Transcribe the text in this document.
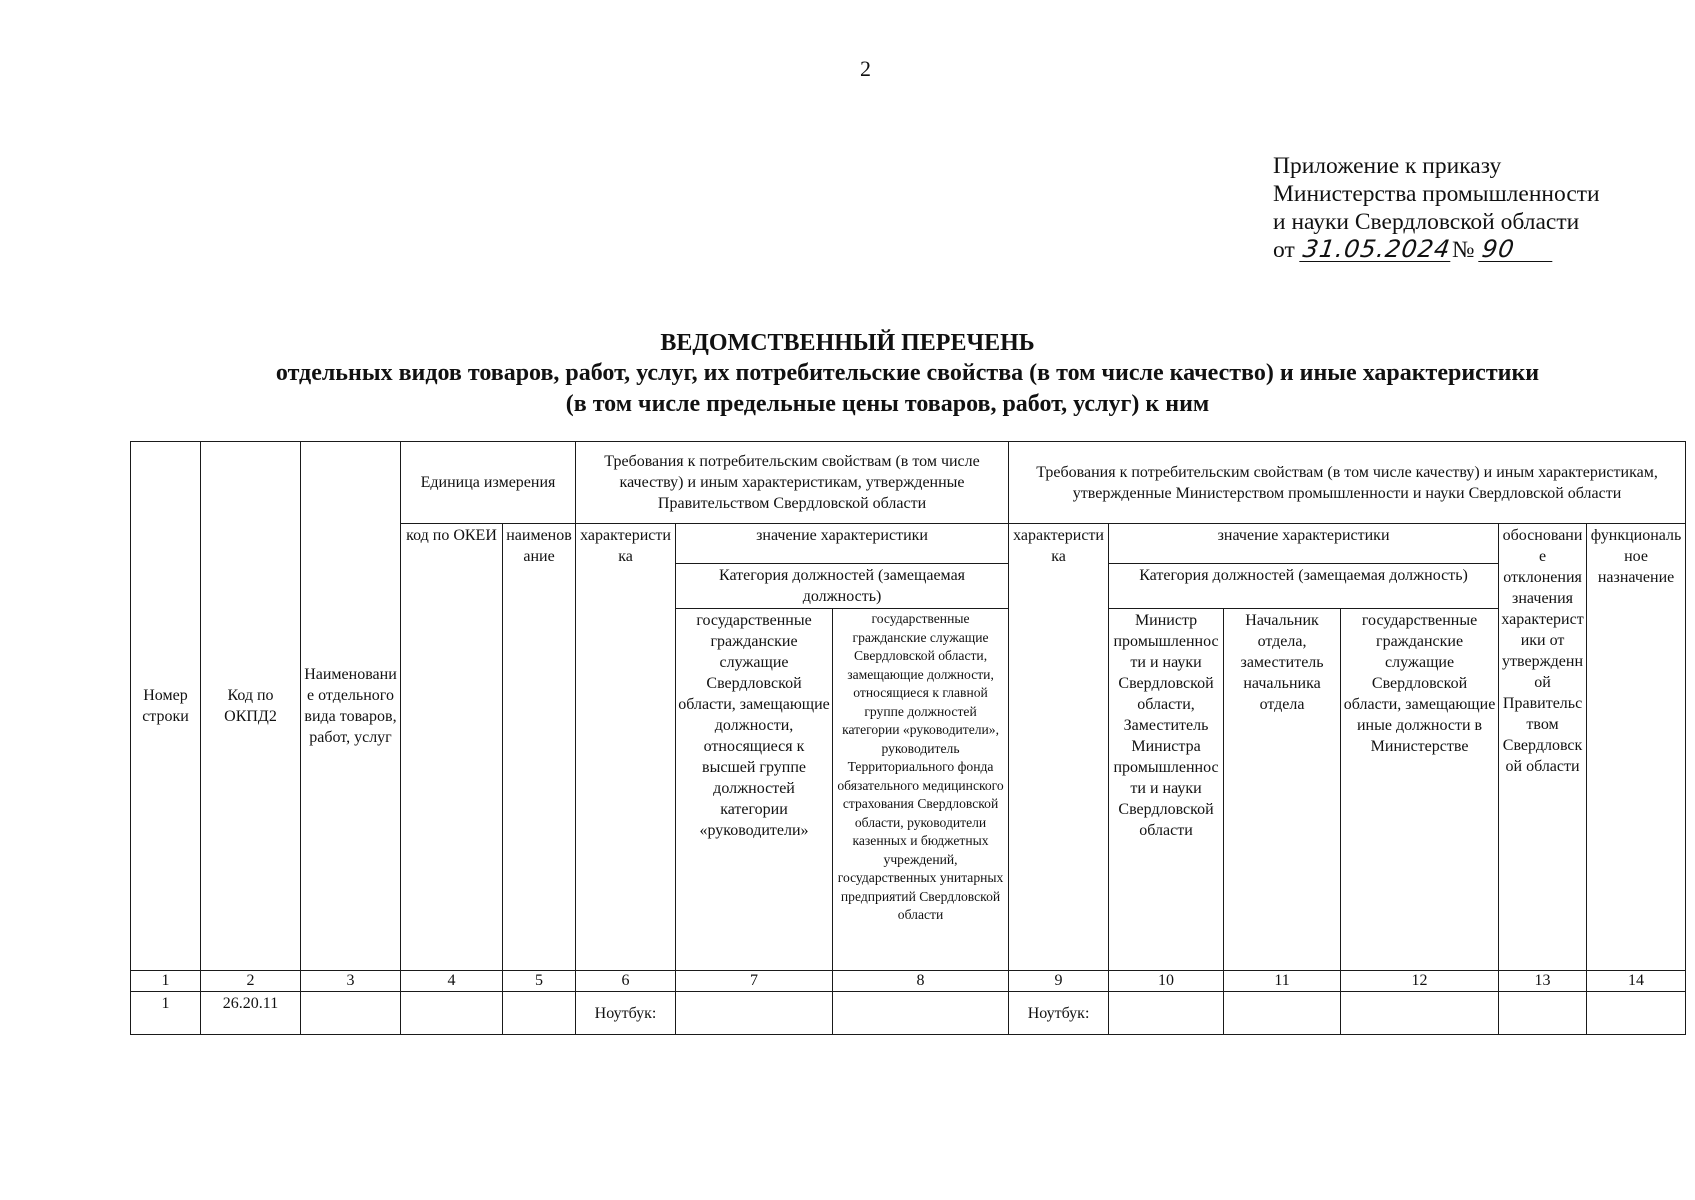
2
Приложение к приказу
Министерства промышленности
и науки Свердловской области
от 31.05.2024№ 90
ВЕДОМСТВЕННЫЙ ПЕРЕЧЕНЬ
отдельных видов товаров, работ, услуг, их потребительские свойства (в том числе качество) и иные характеристики
(в том числе предельные цены товаров, работ, услуг) к ним
Номер строки	Код по ОКПД2	Наименование отдельного вида товаров, работ, услуг	Единица измерения		Требования к потребительским свойствам (в том числе качеству) и иным характеристикам, утвержденные Правительством Свердловской области			Требования к потребительским свойствам (в том числе качеству) и иным характеристикам, утвержденные Министерством промышленности и науки Свердловской области					
			код по ОКЕИ	наименование	характеристика	значение характеристики		характеристика	значение характеристики			обоснование отклонения значения характеристики от утвержденной Правительством Свердловской области	функциональное назначение
						Категория должностей (замещаемая должность)			Категория должностей (замещаемая должность)				
						государственные гражданские служащие Свердловской области, замещающие должности, относящиеся к высшей группе должностей категории «руководители»	государственные гражданские служащие Свердловской области, замещающие должности, относящиеся к главной группе должностей категории «руководители», руководитель Территориального фонда обязательного медицинского страхования Свердловской области, руководители казенных и бюджетных учреждений, государственных унитарных предприятий Свердловской области		Министр промышленности и науки Свердловской области, Заместитель Министра промышленности и науки Свердловской области	Начальник отдела, заместитель начальника отдела	государственные гражданские служащие Свердловской области, замещающие иные должности в Министерстве		

1	2	3	4	5	6	7	8	9	10	11	12	13	14
1	26.20.11				Ноутбук:			Ноутбук:					
